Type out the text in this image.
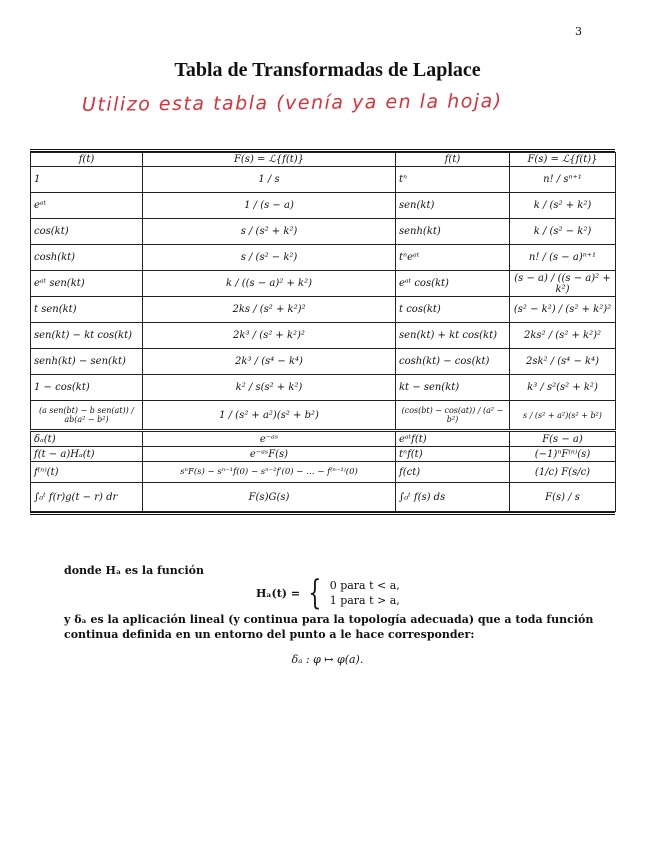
3
Tabla de Transformadas de Laplace
Utilizo esta tabla (venía ya en la hoja)
f(t)	F(s) = ℒ{f(t)}	f(t)	F(s) = ℒ{f(t)}
1	1 / s	tⁿ	n! / sⁿ⁺¹
eᵃᵗ	1 / (s − a)	sen(kt)	k / (s² + k²)
cos(kt)	s / (s² + k²)	senh(kt)	k / (s² − k²)
cosh(kt)	s / (s² − k²)	tⁿeᵃᵗ	n! / (s − a)ⁿ⁺¹
eᵃᵗ sen(kt)	k / ((s − a)² + k²)	eᵃᵗ cos(kt)	(s − a) / ((s − a)² + k²)
t sen(kt)	2ks / (s² + k²)²	t cos(kt)	(s² − k²) / (s² + k²)²
sen(kt) − kt cos(kt)	2k³ / (s² + k²)²	sen(kt) + kt cos(kt)	2ks² / (s² + k²)²
senh(kt) − sen(kt)	2k³ / (s⁴ − k⁴)	cosh(kt) − cos(kt)	2sk² / (s⁴ − k⁴)
1 − cos(kt)	k² / s(s² + k²)	kt − sen(kt)	k³ / s²(s² + k²)
(a sen(bt) − b sen(at)) / ab(a² − b²)	1 / (s² + a²)(s² + b²)	(cos(bt) − cos(at)) / (a² − b²)	s / (s² + a²)(s² + b²)
δₐ(t)	e⁻ᵃˢ	eᵃᵗf(t)	F(s − a)
f(t − a)Hₐ(t)	e⁻ᵃˢF(s)	tⁿf(t)	(−1)ⁿF⁽ⁿ⁾(s)
f⁽ⁿ⁾(t)	sⁿF(s) − sⁿ⁻¹f(0) − sⁿ⁻²f′(0) − … − f⁽ⁿ⁻¹⁾(0)	f(ct)	(1/c) F(s/c)
∫₀ᵗ f(r)g(t − r) dr	F(s)G(s)	∫₀ᵗ f(s) ds	F(s) / s
donde Hₐ es la función
Hₐ(t) = { 0 para t < a,
1 para t > a,
y δₐ es la aplicación lineal (y continua para la topología adecuada) que a toda función continua definida en un entorno del punto a le hace corresponder:
δₐ : φ ↦ φ(a).
